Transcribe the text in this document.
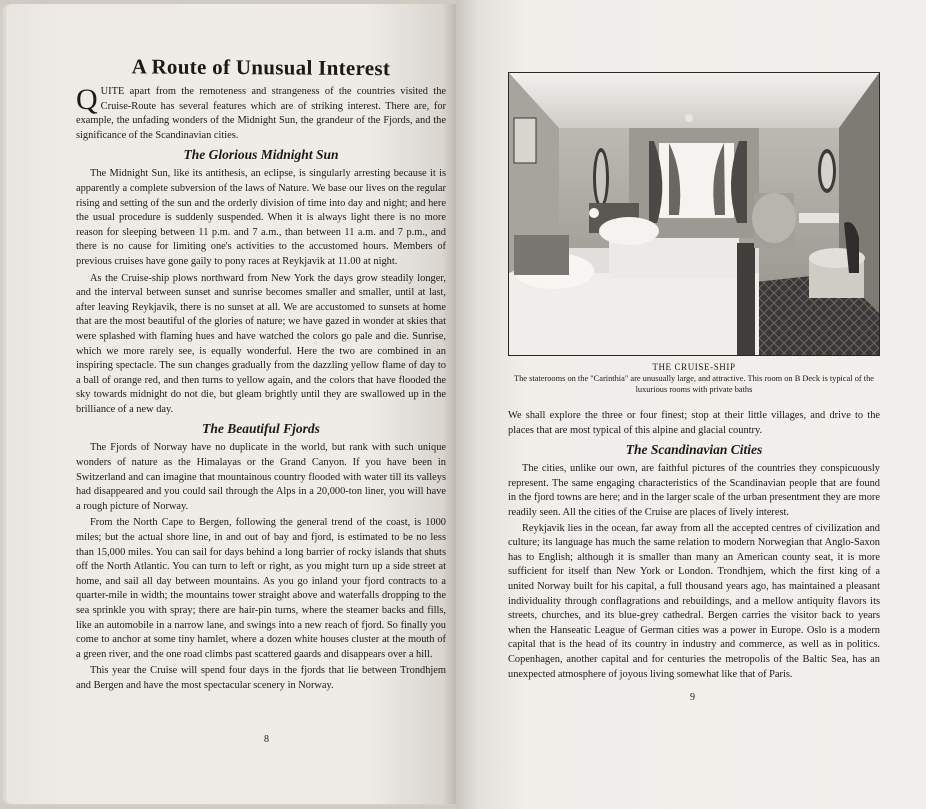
A Route of Unusual Interest

QUITE apart from the remoteness and strangeness of the countries visited the Cruise-Route has several features which are of striking interest. There are, for example, the unfading wonders of the Midnight Sun, the grandeur of the Fjords, and the significance of the Scandinavian cities.

The Glorious Midnight Sun

The Midnight Sun, like its antithesis, an eclipse, is singularly arresting because it is apparently a complete subversion of the laws of Nature. We base our lives on the regular rising and setting of the sun and the orderly division of time into day and night; and here the usual procedure is suddenly suspended. When it is always light there is no more reason for sleeping between 11 p.m. and 7 a.m., than between 11 a.m. and 7 p.m., and there is no cause for limiting one's activities to the accustomed hours. Members of previous cruises have gone gaily to pony races at Reykjavik at 11.00 at night.

As the Cruise-ship plows northward from New York the days grow steadily longer, and the interval between sunset and sunrise becomes smaller and smaller, until at last, after leaving Reykjavik, there is no sunset at all. We are accustomed to sunsets at home that are the most beautiful of the glories of nature; we have gazed in wonder at skies that were splashed with flaming hues and have watched the colors go pale and die. Sunrise, which we more rarely see, is equally wonderful. Here the two are combined in an inspiring spectacle. The sun changes gradually from the dazzling yellow flame of day to a ball of orange red, and then turns to yellow again, and the colors that have flooded the sky towards midnight do not die, but gleam brightly until they are swallowed up in the brilliance of a new day.

The Beautiful Fjords

The Fjords of Norway have no duplicate in the world, but rank with such unique wonders of nature as the Himalayas or the Grand Canyon. If you have been in Switzerland and can imagine that mountainous country flooded with water till its valleys had disappeared and you could sail through the Alps in a 20,000-ton liner, you will have a rough picture of Norway.

From the North Cape to Bergen, following the general trend of the coast, is 1000 miles; but the actual shore line, in and out of bay and fjord, is estimated to be no less than 15,000 miles. You can sail for days behind a long barrier of rocky islands that shuts off the North Atlantic. You can turn to left or right, as you might turn up a side street at home, and sail all day between mountains. As you go inland your fjord contracts to a quarter-mile in width; the mountains tower straight above and waterfalls dropping to the sea sprinkle you with spray; there are hair-pin turns, where the steamer backs and fills, like an automobile in a narrow lane, and swings into a new reach of fjord. So finally you come to anchor at some tiny hamlet, where a dozen white houses cluster at the mouth of a green river, and the one road climbs past scattered gaards and disappears over a hill.

This year the Cruise will spend four days in the fjords that lie between Trondhjem and Bergen and have the most spectacular scenery in Norway.

8
THE CRUISE-SHIP
The staterooms on the "Carinthia" are unusually large, and attractive. This room on B Deck is typical of the luxurious rooms with private baths

We shall explore the three or four finest; stop at their little villages, and drive to the places that are most typical of this alpine and glacial country.

The Scandinavian Cities

The cities, unlike our own, are faithful pictures of the countries they conspicuously represent. The same engaging characteristics of the Scandinavian people that are found in the fjord towns are here; and in the larger scale of the urban presentment they are more readily seen. All the cities of the Cruise are places of lively interest.

Reykjavik lies in the ocean, far away from all the accepted centres of civilization and culture; its language has much the same relation to modern Norwegian that Anglo-Saxon has to English; although it is smaller than many an American county seat, it is more sufficient for itself than New York or London. Trondhjem, which the first king of a united Norway built for his capital, a full thousand years ago, has maintained a pleasant individuality through conflagrations and rebuildings, and a mellow antiquity flavors its streets, churches, and its blue-grey cathedral. Bergen carries the visitor back to years when the Hanseatic League of German cities was a power in Europe. Oslo is a modern capital that is the head of its country in industry and commerce, as well as in politics. Copenhagen, another capital and for centuries the metropolis of the Baltic Sea, has an unexpected atmosphere of joyous living somewhat like that of Paris.

9
